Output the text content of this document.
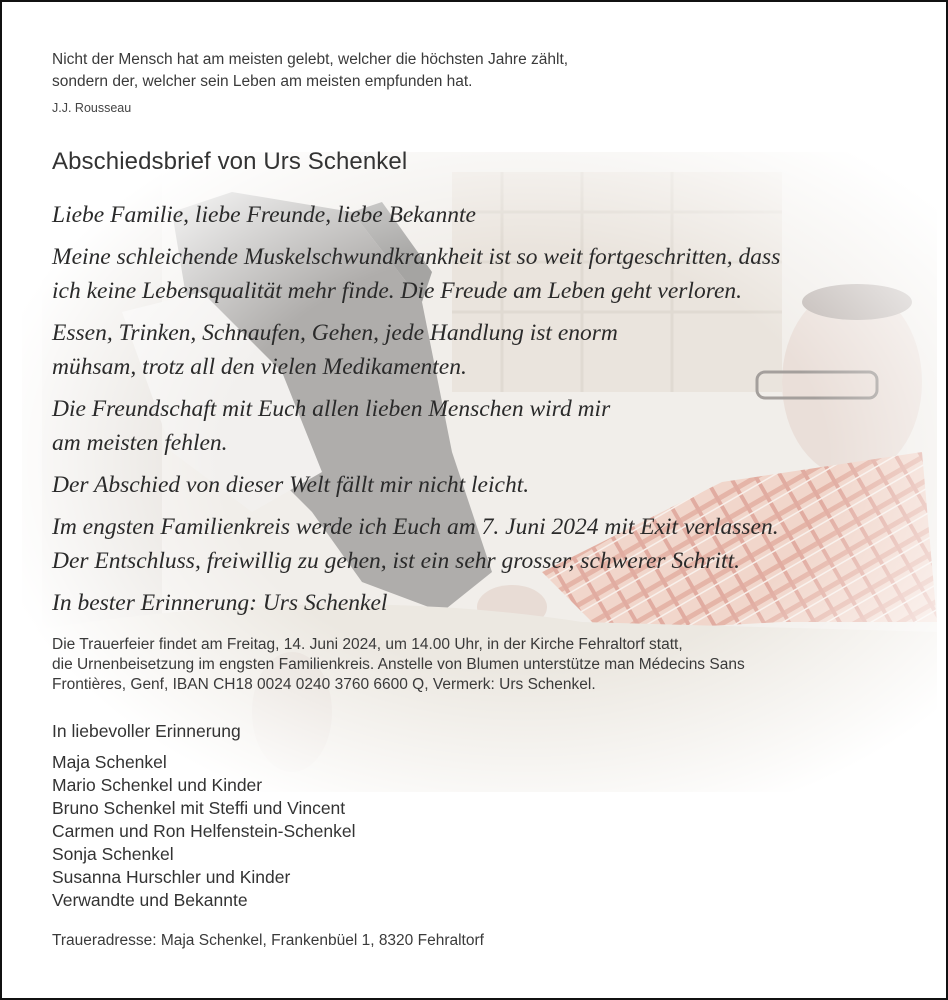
Nicht der Mensch hat am meisten gelebt, welcher die höchsten Jahre zählt,
sondern der, welcher sein Leben am meisten empfunden hat.

J.J. Rousseau

Abschiedsbrief von Urs Schenkel

Liebe Familie, liebe Freunde, liebe Bekannte

Meine schleichende Muskelschwundkrankheit ist so weit fortgeschritten, dass
ich keine Lebensqualität mehr finde. Die Freude am Leben geht verloren.

Essen, Trinken, Schnaufen, Gehen, jede Handlung ist enorm
mühsam, trotz all den vielen Medikamenten.

Die Freundschaft mit Euch allen lieben Menschen wird mir
am meisten fehlen.

Der Abschied von dieser Welt fällt mir nicht leicht.

Im engsten Familienkreis werde ich Euch am 7. Juni 2024 mit Exit verlassen.
Der Entschluss, freiwillig zu gehen, ist ein sehr grosser, schwerer Schritt.

In bester Erinnerung: Urs Schenkel

Die Trauerfeier findet am Freitag, 14. Juni 2024, um 14.00 Uhr, in der Kirche Fehraltorf statt,
die Urnenbeisetzung im engsten Familienkreis. Anstelle von Blumen unterstütze man Médecins Sans
Frontières, Genf, IBAN CH18 0024 0240 3760 6600 Q, Vermerk: Urs Schenkel.

In liebevoller Erinnerung

Maja Schenkel
Mario Schenkel und Kinder
Bruno Schenkel mit Steffi und Vincent
Carmen und Ron Helfenstein-Schenkel
Sonja Schenkel
Susanna Hurschler und Kinder
Verwandte und Bekannte

Traueradresse: Maja Schenkel, Frankenbüel 1, 8320 Fehraltorf
